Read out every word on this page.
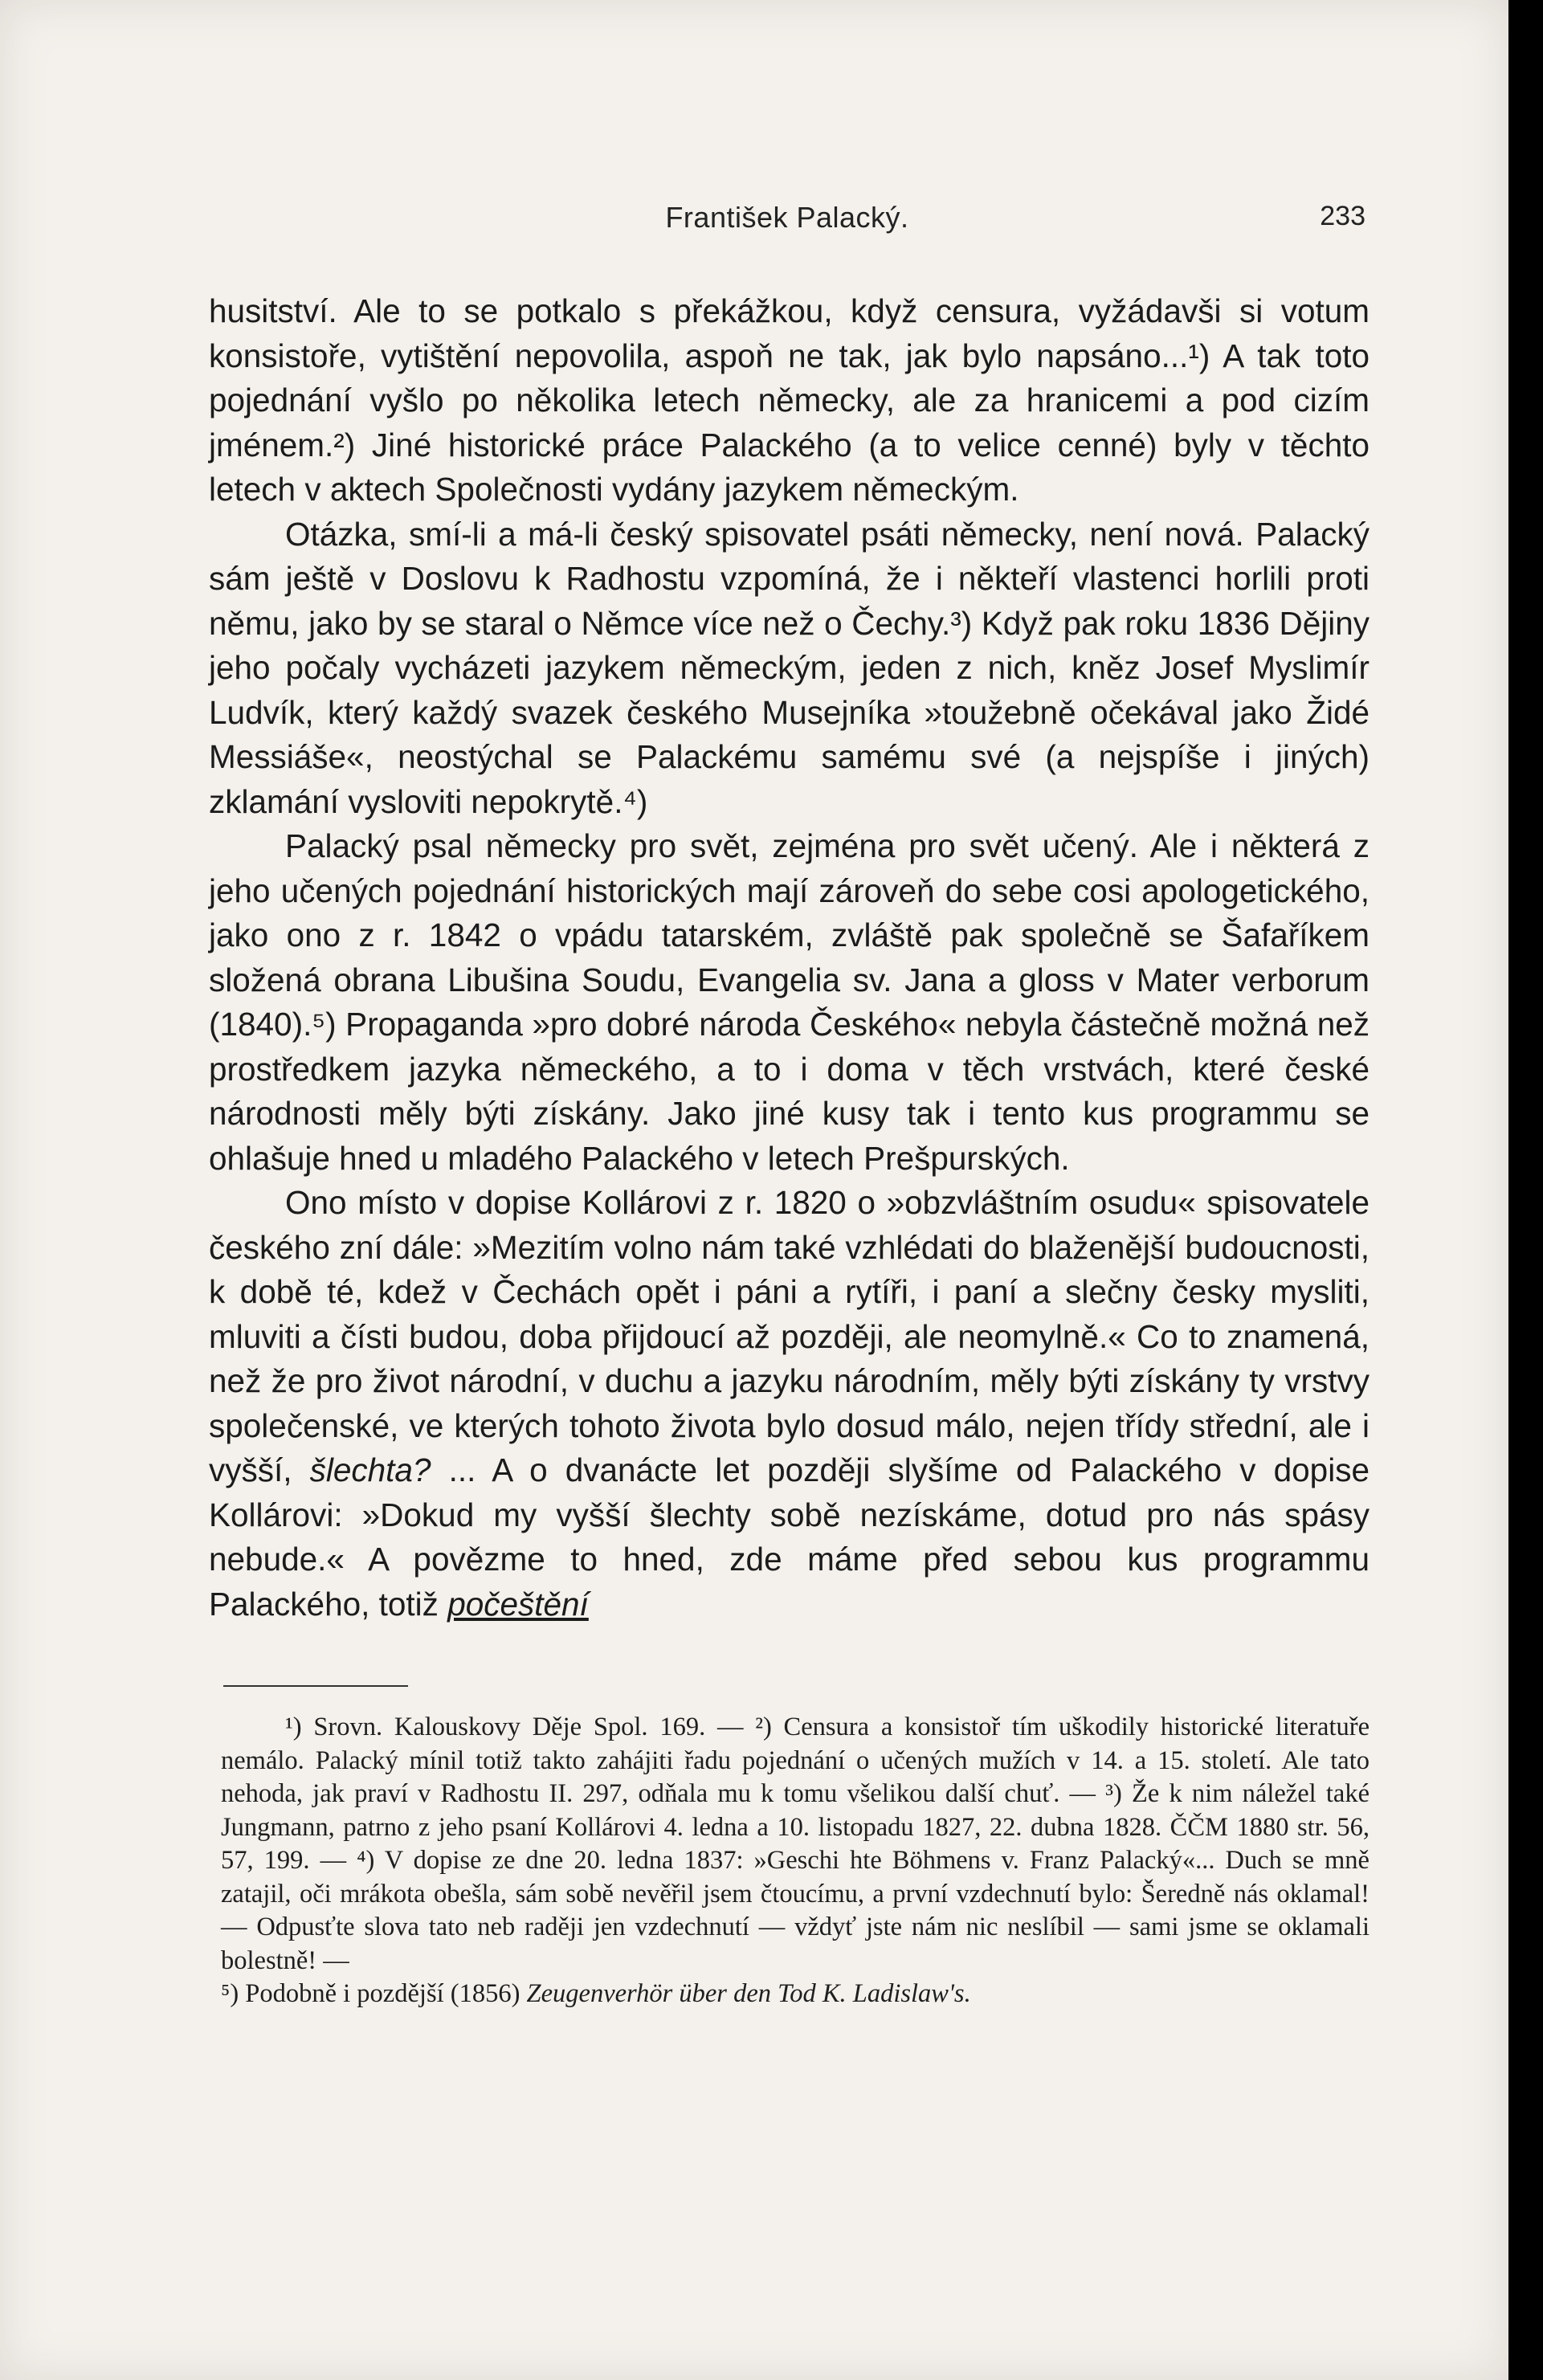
František Palacký.	233

husitství. Ale to se potkalo s překážkou, když censura, vyžádavši si votum konsistoře, vytištění nepovolila, aspoň ne tak, jak bylo napsáno...¹) A tak toto pojednání vyšlo po několika letech německy, ale za hranicemi a pod cizím jménem.²) Jiné historické práce Palackého (a to velice cenné) byly v těchto letech v aktech Společnosti vydány jazykem německým.

Otázka, smí-li a má-li český spisovatel psáti německy, není nová. Palacký sám ještě v Doslovu k Radhostu vzpomíná, že i někteří vlastenci horlili proti němu, jako by se staral o Němce více než o Čechy.³) Když pak roku 1836 Dějiny jeho počaly vycházeti jazykem německým, jeden z nich, kněz Josef Myslimír Ludvík, který každý svazek českého Musejníka »toužebně očekával jako Židé Messiáše«, neostýchal se Palackému samému své (a nejspíše i jiných) zklamání vysloviti nepokrytě.⁴)

Palacký psal německy pro svět, zejména pro svět učený. Ale i některá z jeho učených pojednání historických mají zároveň do sebe cosi apologetického, jako ono z r. 1842 o vpádu tatarském, zvláště pak společně se Šafaříkem složená obrana Libušina Soudu, Evangelia sv. Jana a gloss v Mater verborum (1840).⁵) Propaganda »pro dobré národa Českého« nebyla částečně možná než prostředkem jazyka německého, a to i doma v těch vrstvách, které české národnosti měly býti získány. Jako jiné kusy tak i tento kus programmu se ohlašuje hned u mladého Palackého v letech Prešpurských.

Ono místo v dopise Kollárovi z r. 1820 o »obzvláštním osudu« spisovatele českého zní dále: »Mezitím volno nám také vzhlédati do blaženější budoucnosti, k době té, kdež v Čechách opět i páni a rytíři, i paní a slečny česky mysliti, mluviti a čísti budou, doba přijdoucí až později, ale neomylně.« Co to znamená, než že pro život národní, v duchu a jazyku národním, měly býti získány ty vrstvy společenské, ve kterých tohoto života bylo dosud málo, nejen třídy střední, ale i vyšší, šlechta? ... A o dvanácte let později slyšíme od Palackého v dopise Kollárovi: »Dokud my vyšší šlechty sobě nezískáme, dotud pro nás spásy nebude.« A povězme to hned, zde máme před sebou kus programmu Palackého, totiž počeštění

¹) Srovn. Kalouskovy Děje Spol. 169. — ²) Censura a konsistoř tím uškodily historické literatuře nemálo. Palacký mínil totiž takto zahájiti řadu pojednání o učených mužích v 14. a 15. století. Ale tato nehoda, jak praví v Radhostu II. 297, odňala mu k tomu všelikou další chuť. — ³) Že k nim náležel také Jungmann, patrno z jeho psaní Kollárovi 4. ledna a 10. listopadu 1827, 22. dubna 1828. ČČM 1880 str. 56, 57, 199. — ⁴) V dopise ze dne 20. ledna 1837: »Geschi hte Böhmens v. Franz Palacký«... Duch se mně zatajil, oči mrákota obešla, sám sobě nevěřil jsem čtoucímu, a první vzdechnutí bylo: Šeredně nás oklamal! — Odpusťte slova tato neb raději jen vzdechnutí — vždyť jste nám nic neslíbil — sami jsme se oklamali bolestně! —

⁵) Podobně i pozdější (1856) Zeugenverhör über den Tod K. Ladislaw's.
